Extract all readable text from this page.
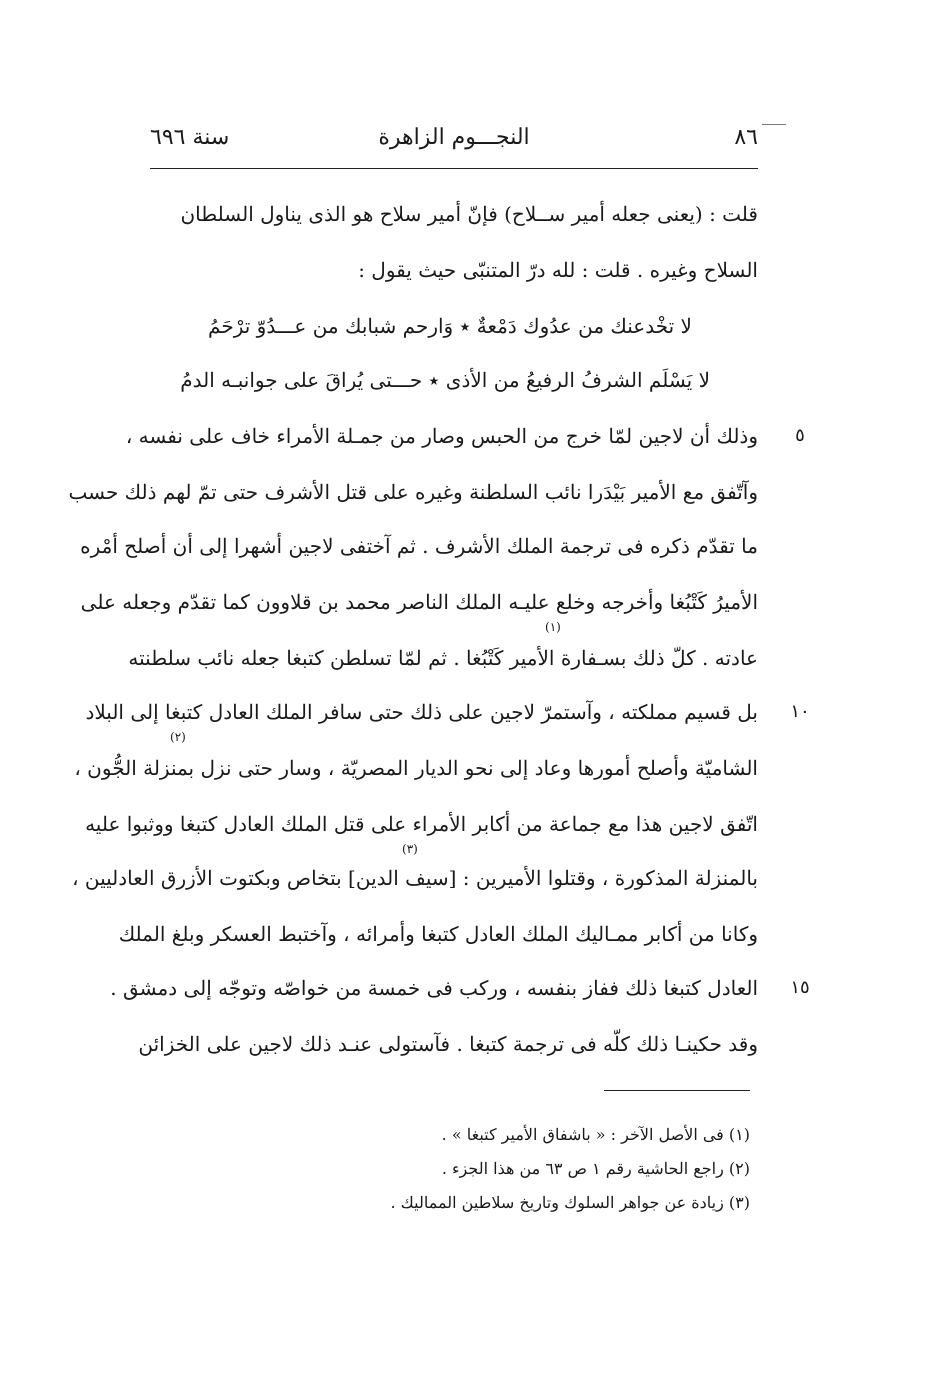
٨٦
النجـــوم الزاهرة
سنة ٦٩٦
قلت : (يعنى جعله أمير ســلاح) فإنّ أمير سلاح هو الذى يناول السلطان
السلاح وغيره . قلت : لله درّ المتنبّى حيث يقول :
لا تخْدعنك من عدُوك دَمْعةٌ ٭ وَارحم شبابك من عـــدُوّ ترْحَمُ
لا يَسْلَم الشرفُ الرفيعُ من الأذى ٭ حـــتى يُراقَ على جوانبـه الدمُ
وذلك أن لاجين لمّا خرج من الحبس وصار من جمـلة الأمراء خاف على نفسه ،
وآتّفق مع الأمير بَيْدَرا نائب السلطنة وغيره على قتل الأشرف حتى تمّ لهم ذلك حسب
ما تقدّم ذكره فى ترجمة الملك الأشرف . ثم آختفى لاجين أشهرا إلى أن أصلح أمْره
الأميرُ كَتْبُغا وأخرجه وخلع عليـه الملك الناصر محمد بن قلاوون كما تقدّم وجعله على
عادته . كلّ ذلك بسـفارة الأمير كَتْبُغا . ثم لمّا تسلطن كتبغا جعله نائب سلطنته
بل قسيم مملكته ، وآستمرّ لاجين على ذلك حتى سافر الملك العادل كتبغا إلى البلاد
الشاميّة وأصلح أمورها وعاد إلى نحو الديار المصريّة ، وسار حتى نزل بمنزلة الجُّون ،
اتّفق لاجين هذا مع جماعة من أكابر الأمراء على قتل الملك العادل كتبغا ووثبوا عليه
بالمنزلة المذكورة ، وقتلوا الأميرين : [سيف الدين] بتخاص وبكتوت الأزرق العادليين ،
وكانا من أكابر ممـاليك الملك العادل كتبغا وأمرائه ، وآختبط العسكر وبلغ الملك
العادل كتبغا ذلك ففاز بنفسه ، وركب فى خمسة من خواصّه وتوجّه إلى دمشق .
وقد حكينـا ذلك كلّه فى ترجمة كتبغا . فآستولى عنـد ذلك لاجين على الخزائن
٥
١٠
١٥
(١)
(٢)
(٣)
(١) فى الأصل الآخر : « باشفاق الأمير كتبغا » .
(٢) راجع الحاشية رقم ١ ص ٦٣ من هذا الجزء .
(٣) زيادة عن جواهر السلوك وتاريخ سلاطين المماليك .
